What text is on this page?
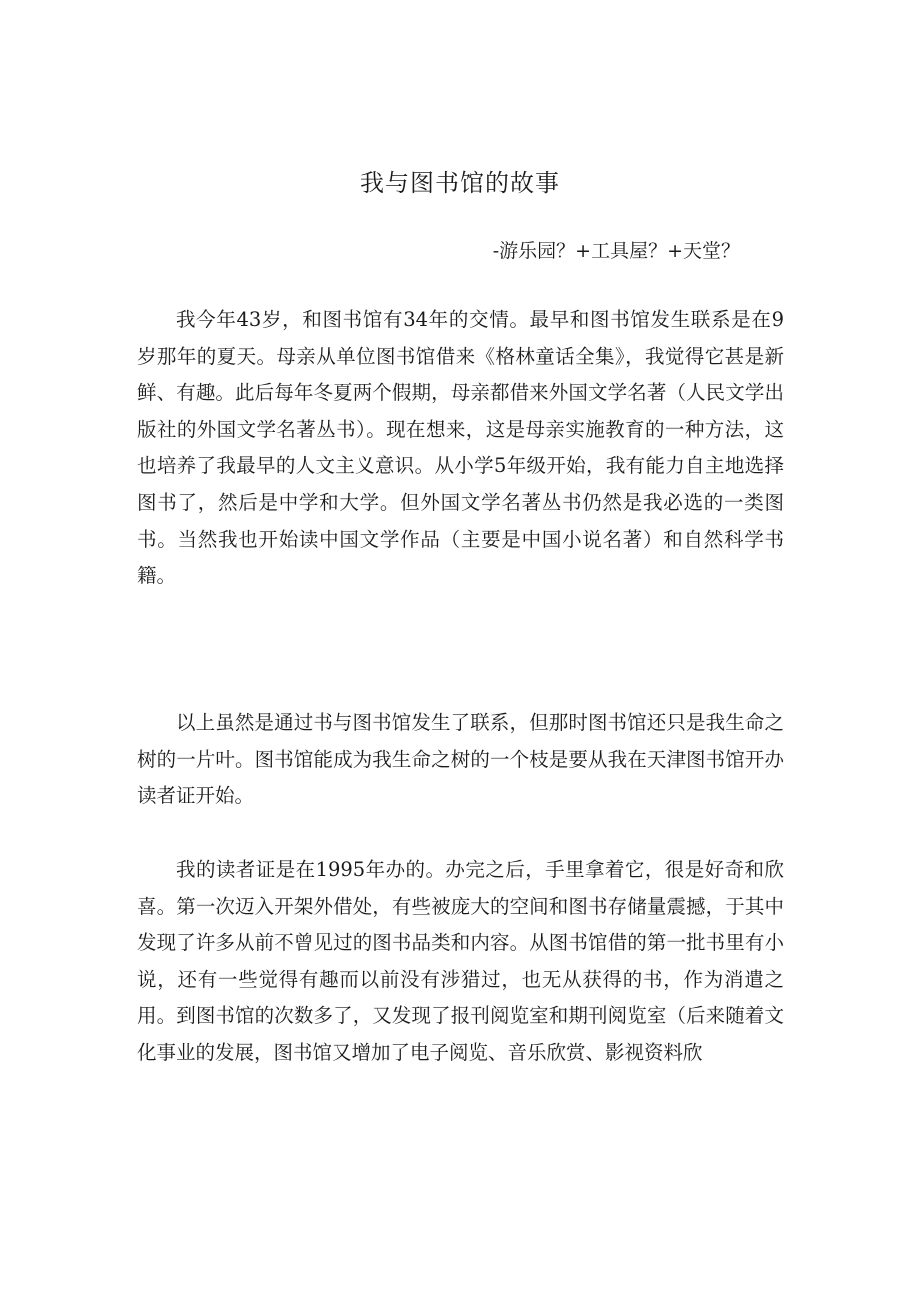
我与图书馆的故事
-游乐园？+工具屋？+天堂？

我今年43岁，和图书馆有34年的交情。最早和图书馆发生联系是在9岁那年的夏天。母亲从单位图书馆借来《格林童话全集》，我觉得它甚是新鲜、有趣。此后每年冬夏两个假期，母亲都借来外国文学名著（人民文学出版社的外国文学名著丛书）。现在想来，这是母亲实施教育的一种方法，这也培养了我最早的人文主义意识。从小学5年级开始，我有能力自主地选择图书了，然后是中学和大学。但外国文学名著丛书仍然是我必选的一类图书。当然我也开始读中国文学作品（主要是中国小说名著）和自然科学书籍。

以上虽然是通过书与图书馆发生了联系，但那时图书馆还只是我生命之树的一片叶。图书馆能成为我生命之树的一个枝是要从我在天津图书馆开办读者证开始。

我的读者证是在1995年办的。办完之后，手里拿着它，很是好奇和欣喜。第一次迈入开架外借处，有些被庞大的空间和图书存储量震撼，于其中发现了许多从前不曾见过的图书品类和内容。从图书馆借的第一批书里有小说，还有一些觉得有趣而以前没有涉猎过，也无从获得的书，作为消遣之用。到图书馆的次数多了，又发现了报刊阅览室和期刊阅览室（后来随着文化事业的发展，图书馆又增加了电子阅览、音乐欣赏、影视资料欣
